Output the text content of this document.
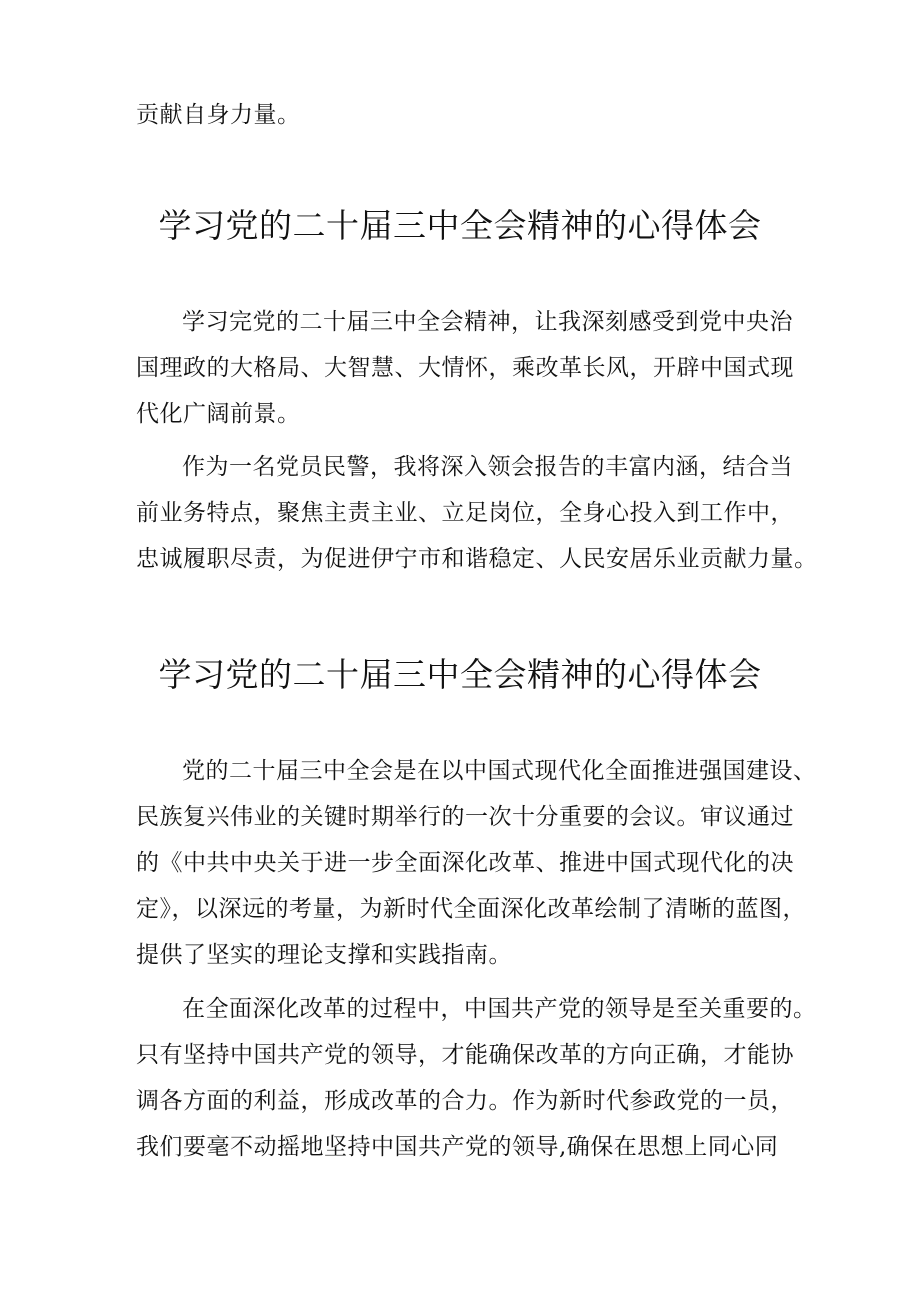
贡献自身力量。
学习党的二十届三中全会精神的心得体会
学习完党的二十届三中全会精神，让我深刻感受到党中央治
国理政的大格局、大智慧、大情怀，乘改革长风，开辟中国式现
代化广阔前景。
作为一名党员民警，我将深入领会报告的丰富内涵，结合当
前业务特点，聚焦主责主业、立足岗位，全身心投入到工作中，
忠诚履职尽责，为促进伊宁市和谐稳定、人民安居乐业贡献力量。
学习党的二十届三中全会精神的心得体会
党的二十届三中全会是在以中国式现代化全面推进强国建设、
民族复兴伟业的关键时期举行的一次十分重要的会议。审议通过
的《中共中央关于进一步全面深化改革、推进中国式现代化的决
定》，以深远的考量，为新时代全面深化改革绘制了清晰的蓝图，
提供了坚实的理论支撑和实践指南。
在全面深化改革的过程中，中国共产党的领导是至关重要的。
只有坚持中国共产党的领导，才能确保改革的方向正确，才能协
调各方面的利益，形成改革的合力。作为新时代参政党的一员，
我们要毫不动摇地坚持中国共产党的领导,确保在思想上同心同
